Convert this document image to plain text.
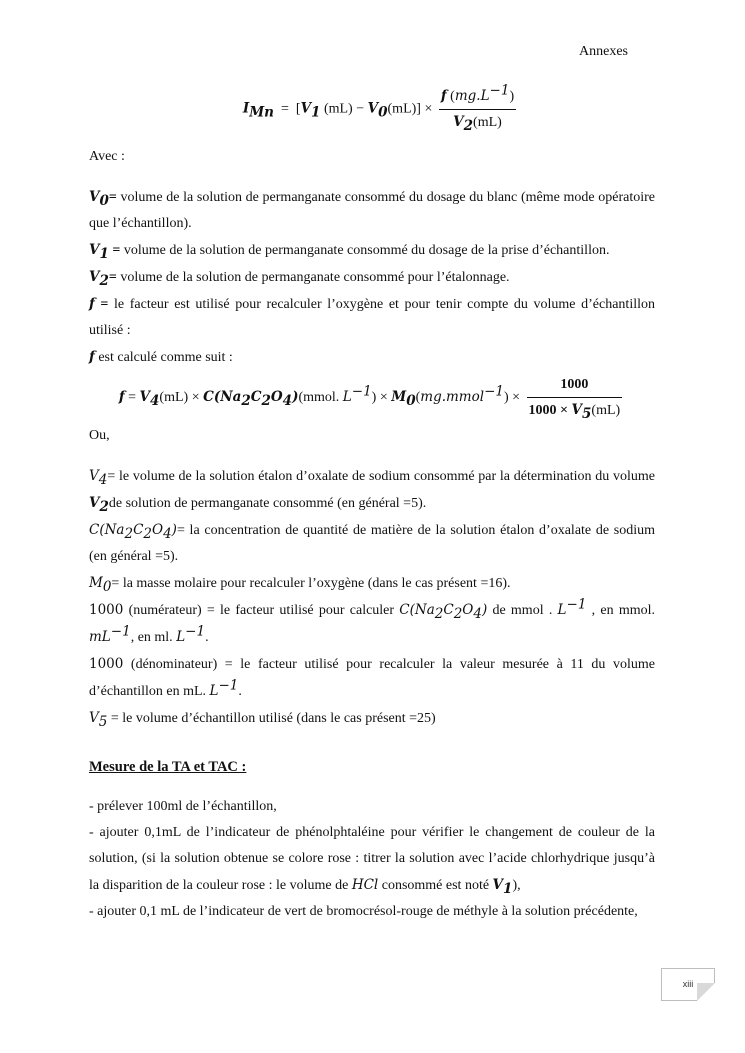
Annexes
$I_{Mn} = [V_1$ $(mL) - V_0(mL)] \times \frac{f (mg.L^{-1})}{V_2(mL)}$

Avec :

$V_0=$ volume de la solution de permanganate consommé du dosage du blanc (même mode opératoire que l’échantillon).

$V_1$ = volume de la solution de permanganate consommé du dosage de la prise d’échantillon.

$V_2=$ volume de la solution de permanganate consommé pour l’étalonnage.

f = le facteur est utilisé pour recalculer l’oxygène et pour tenir compte du volume d’échantillon utilisé :

f est calculé comme suit :

$f = V_4(mL)$ × $C(Na_2C_2O_4)(mmol$. $L^{-1}$) × $M_0(mg.mmol^{-1}) \times \frac{1000}{1000 \times V_5(mL)}$

Ou,

$V_4=$ le volume de la solution étalon d’oxalate de sodium consommé par la détermination du volume $V_2de$ solution de permanganate consommé (en général =5).

$C(Na_2C_2O_4)=$ la concentration de quantité de matière de la solution étalon d’oxalate de sodium (en général =5).

$M_0=$ la masse molaire pour recalculer l’oxygène (dans le cas présent =16).

1000 (numérateur) = le facteur utilisé pour calculer $C(Na_2C_2O_4)$ de mmol . $L^{-1}$ , en mmol. $mL^{-1}$, en ml. $L^{-1}$.

1000 (dénominateur) = le facteur utilisé pour recalculer la valeur mesurée à 11 du volume d’échantillon en mL. $L^{-1}$.

$V_5$ = le volume d’échantillon utilisé (dans le cas présent =25)

Mesure de la TA et TAC :

- prélever 100ml de l’échantillon,

- ajouter 0,1mL de l’indicateur de phénolphtaléine pour vérifier le changement de couleur de la solution, (si la solution obtenue se colore rose : titrer la solution avec l’acide chlorhydrique jusqu’à la disparition de la couleur rose : le volume de HCl consommé est noté $V_1$),

- ajouter 0,1 mL de l’indicateur de vert de bromocrésol-rouge de méthyle à la solution précédente,

xiii
